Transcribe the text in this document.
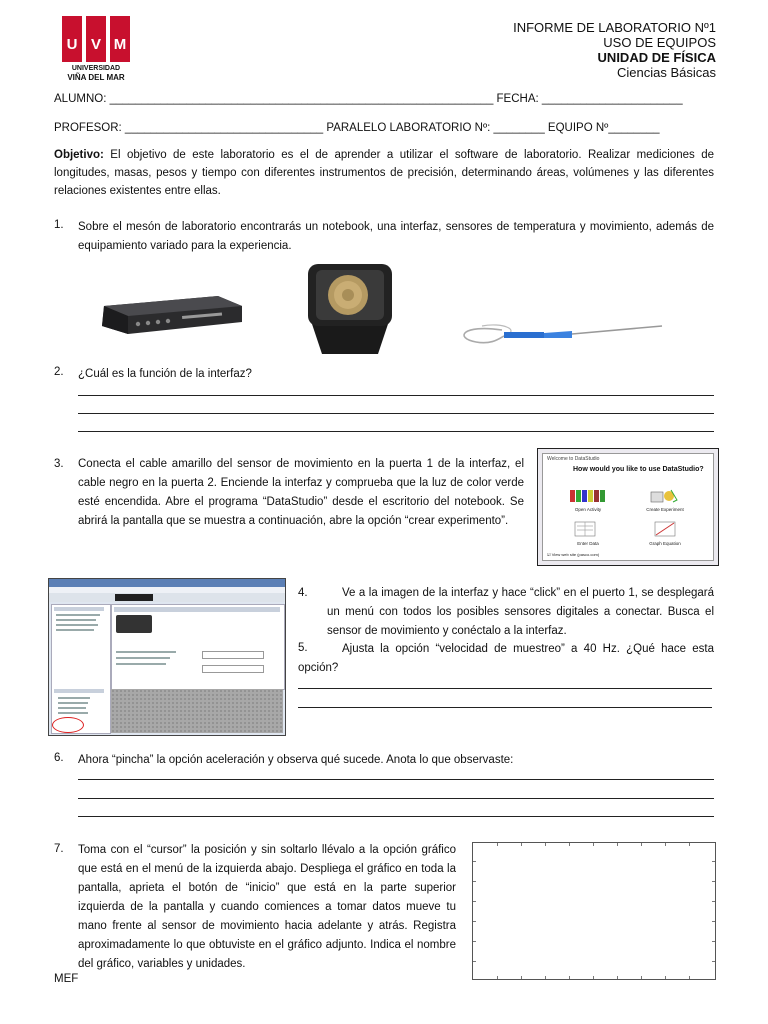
U V M
UNIVERSIDAD
VIÑA DEL MAR
INFORME DE LABORATORIO Nº1
USO DE EQUIPOS
UNIDAD DE FÍSICA
Ciencias Básicas
ALUMNO: ____________________________________________________________ FECHA: ______________________
PROFESOR: _______________________________ PARALELO LABORATORIO Nº: ________ EQUIPO Nº________
Objetivo: El objetivo de este laboratorio es el de aprender a utilizar el software de laboratorio. Realizar mediciones de longitudes, masas, pesos y tiempo con diferentes instrumentos de precisión, determinando áreas, volúmenes y las diferentes relaciones existentes entre ellas.
1. Sobre el mesón de laboratorio encontrarás un notebook, una interfaz, sensores de temperatura y movimiento, además de equipamiento variado para la experiencia.
2. ¿Cuál es la función de la interfaz?
3. Conecta el cable amarillo del sensor de movimiento en la puerta 1 de la interfaz, el cable negro en la puerta 2. Enciende la interfaz y comprueba que la luz de color verde esté encendida. Abre el programa “DataStudio” desde el escritorio del notebook. Se abrirá la pantalla que se muestra a continuación, abre la opción “crear experimento”.
Welcome to DataStudio
How would you like to use DataStudio?
Open Activity	Create Experiment
Enter Data	Graph Equation
☑ View web site (pasco.com)
4.	Ve a la imagen de la interfaz y hace “click” en el puerto 1, se desplegará un menú con todos los posibles sensores digitales a conectar. Busca el sensor de movimiento y conéctalo a la interfaz.
5.	Ajusta la opción “velocidad de muestreo” a 40 Hz. ¿Qué hace esta opción?
6. Ahora “pincha” la opción aceleración y observa qué sucede. Anota lo que observaste:
7. Toma con el “cursor” la posición y sin soltarlo llévalo a la opción gráfico que está en el menú de la izquierda abajo. Despliega el gráfico en toda la pantalla, aprieta el botón de “inicio” que está en la parte superior izquierda de la pantalla y cuando comiences a tomar datos mueve tu mano frente al sensor de movimiento hacia adelante y atrás. Registra aproximadamente lo que obtuviste en el gráfico adjunto. Indica el nombre del gráfico, variables y unidades.
MEF
